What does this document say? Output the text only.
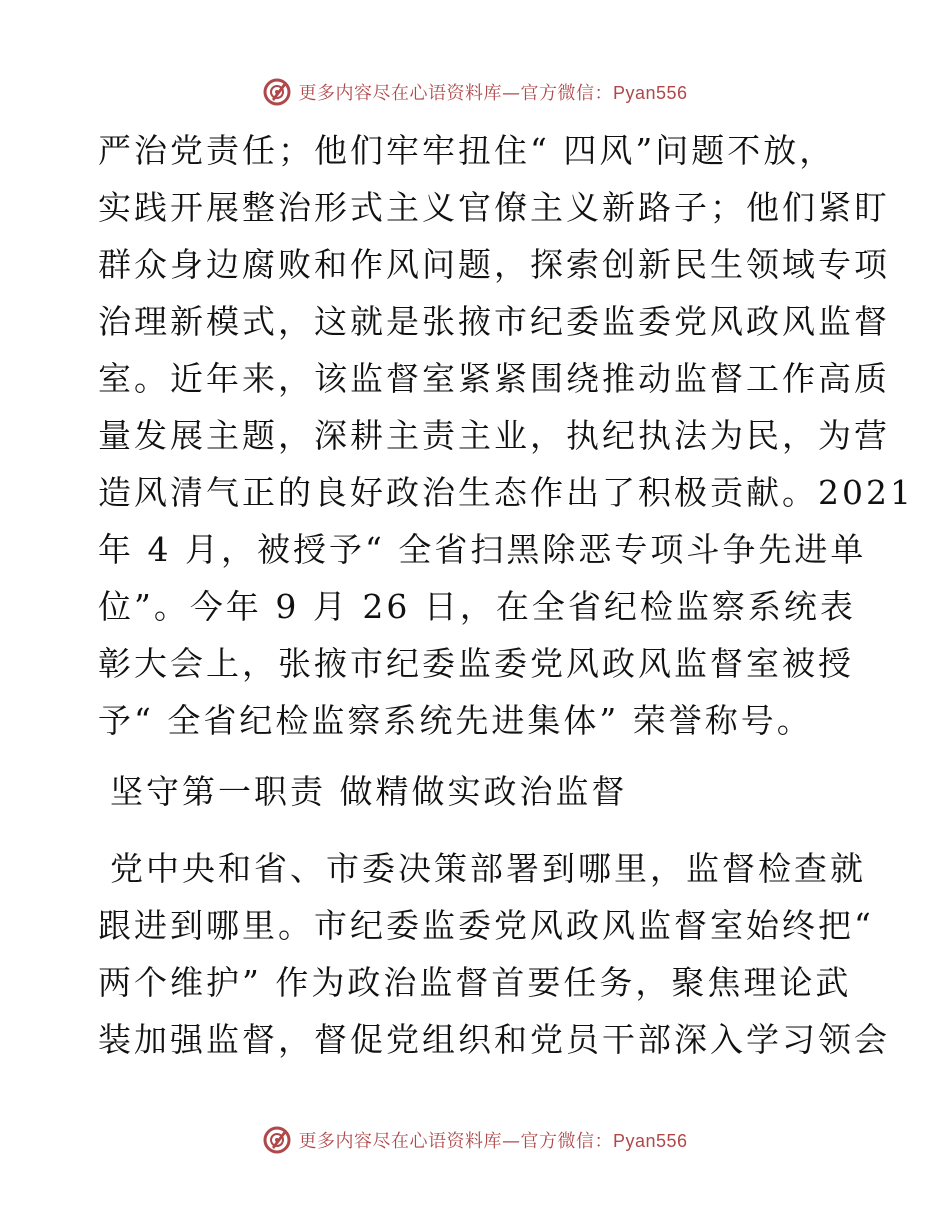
更多内容尽在心语资料库—官方微信：Pyan556
严治党责任；他们牢牢扭住“ 四风”问题不放，
实践开展整治形式主义官僚主义新路子；他们紧盯
群众身边腐败和作风问题，探索创新民生领域专项
治理新模式，这就是张掖市纪委监委党风政风监督
室。近年来，该监督室紧紧围绕推动监督工作高质
量发展主题，深耕主责主业，执纪执法为民，为营
造风清气正的良好政治生态作出了积极贡献。2021
年 4 月，被授予“ 全省扫黑除恶专项斗争先进单
位”。今年 9 月 26 日，在全省纪检监察系统表
彰大会上，张掖市纪委监委党风政风监督室被授
予“ 全省纪检监察系统先进集体” 荣誉称号。
坚守第一职责 做精做实政治监督
党中央和省、市委决策部署到哪里，监督检查就
跟进到哪里。市纪委监委党风政风监督室始终把“
两个维护” 作为政治监督首要任务，聚焦理论武
装加强监督，督促党组织和党员干部深入学习领会
更多内容尽在心语资料库—官方微信：Pyan556
